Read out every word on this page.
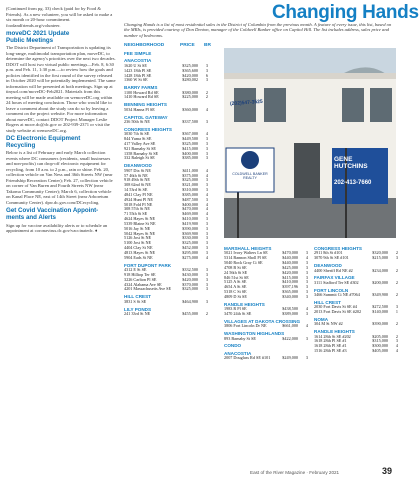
(Continued from pg. 33) check (paid for by Food & Friends). As a new volunteer, you will be asked to make a six month or 20-hour commitment. foodandfriends.org/volunteer.

moveDC 2021 Update
Public Meetings

The District Department of Transportation is updating its long-range, multimodal transportation plan, moveDC, to determine the agency's priorities over the next two decades. DDOT will host two virtual public meetings—Feb. 8, 6:30 p.m. and Feb. 11, 1:30 p.m.—to review how the goals and policies identified in the first round of the survey released in October 2020 will be potentially implemented. The same information will be presented at both meetings. Sign up at tinyurl.com/moveDC-Feb2021. Materials from this meeting will be made available on wemoveDC.org within 24 hours of meeting conclusion. Those who would like to leave a comment about the study can do so by leaving a comment on the project website. For more information about moveDC, contact DDOT Project Manager Leslie Rogers at moov.dc@dc.gov or 202-939-2371 or visit the study website at wemoveDC.org.

DC Electronic Equipment
Recycling

Below is a list of February and early March collection events where DC consumers (residents, small businesses and non-profits) can drop-off electronic equipment for recycling, from 10 a.m. to 2 p.m., rain or shine. Feb. 20, collection vehicle on Van Ness and 36th Streets NW (near Friendship Recreation Center); Feb. 27, collection vehicle on corner of Van Buren and Fourth Streets NW (near Takoma Community Center); March 6, collection vehicle on Kanal Place NE, east of 14th Street (near Arboretum Community Center). dpw.dc.gov.com/DCecycling.

Get Covid Vaccination Appoint-
ments and Alerts

Sign up for vaccine availability alerts or to schedule an appointment at coronavirus.dc.gov/vaccinatedc. ♦

Changing Hands
Changing Hands is a list of most residential sales in the District of Columbia from the previous month. A feature of every issue, this list, based on the MRIs, is provided courtesy of Don Denton, manager of the Coldwell Banker office on Capitol Hill. The list includes address, sales price and number of bedrooms.
NEIGHBORHOOD	PRICE BR
FEE SIMPLE
ANACOSTIA
1620 U St SE	$325,000	3
1423 18th Pl SE	$365,600	3
1428 18th Pl SE	$420,000	6
1360 W St SE	$280,002	3
BARRY FARMS
1100 Howard Rd SE	$380,000	2
1410 Howard Rd SE	$225,000	2
BENNING HEIGHTS
5034 Hanna Pl SE	$360,000	4
CAPITOL GATEWAY
236 50th St NE	$337,500	3
CONGRESS HEIGHTS
3030 7th St SE	$367,000	4
844 Yuma St SE	$449,500	3
417 Valley Ave SE	$325,000	3
921 Barnaby St SE	$415,000	3
1358 Barnaby St SE	$400,000	3
332 Raleigh St SE	$385,000	3
DEANWOOD
5907 Dix St NE	$411,000	4
57 46th St NE	$375,000	4
918 49th St NE	$325,000	3
308 62nd St NE	$321,000	3
14 53rd St SE	$310,000	3
4841 Clay Pl NE	$385,000	4
4924 Hunt Pl NE	$487,500	3
5018 Fold Pl NE	$400,000	4
308 57th St NE	$470,000	4
71 55th St SE	$469,000	4
4624 Hayes St NE	$410,000	3
5339 Blaine St NE	$419,900	3
5016 Jay St NE	$390,000	3
5042 Hayes St NE	$369,900	3
5126 Jost St NE	$330,000	3
5100 Jost St NE	$325,000	3
4404 Clay St NE	$452,000	3
4813 Hayes St NE	$295,000	3
5904 Eads St NE	$275,000	4
FORT DUPONT PARK
4312 E St SE	$332,500	3
918 Hilltop Ter SE	$430,000	3
3226 Carlton Pl SE	$420,000	3
4324 Alabama Ave SE	$370,000	3
4201 Massachusetts Ave SE	$325,000	3
HILL CREST
3831 S St SE	$464,900	3
LILY PONDS
241 33rd St NE	$455,000	2
(202)547-3525
COLDWELL BANKER REALTY
GENE HUTCHINS
202-413-7660
MARSHALL HEIGHTS
5021 Ivory Walters Ln SE	$470,000	3
5314 Bannon Sholl Pl SE	$440,000	4
5040 Rock Gray Ct SE	$440,000	3
4708 B St SE	$425,000	3
24 56th St SE	$420,000	3
846 51st St SE	$415,000	3
5125 A St SE	$410,000	3
4654 A St SE	$397,196	3
5318 C St SE	$365,000	3
4809 D St SE	$340,000	3
RANDLE HEIGHTS
1983 R Pl SE	$438,500	4
3470 24th St SE	$389,000	3
VILLAGES AT DAKOTA CROSSING
3806 Fort Lincoln Dr NE	$661,000	4
WASHINGTON HIGHLANDS
893 Barnaby St SE	$422,000	3
CONDO
ANACOSTIA
2007 Douglass Rd SE #101	$249,000	3
CONGRESS HEIGHTS
2911 8th St #101	$320,000	2
3070 9th St SE #101	$215,000	3
DEANWOOD
4400 Sheriff Rd NE #2	$234,000	2
FAIRFAX VILLAGE
3111 Stafford Ter SE #302	$200,000	2
FORT LINCOLN
3466 Summit Ct NE #7064	$349,900	2
HILL CREST
2030 Fort Davis St SE #4	$272,500	3
2013 Fort Davis St SE #202	$140,000	1
NOMA
304 M St NW #2	$390,000	2
RANDLE HEIGHTS
1614 28th St SE #202	$205,000	2
1618 28th Pl SE #1	$315,000	3
1618 28th Pl SE #1	$300,000	4
1516 28th Pl SE #3	$405,000	4
East of the River Magazine · February 2021	39
